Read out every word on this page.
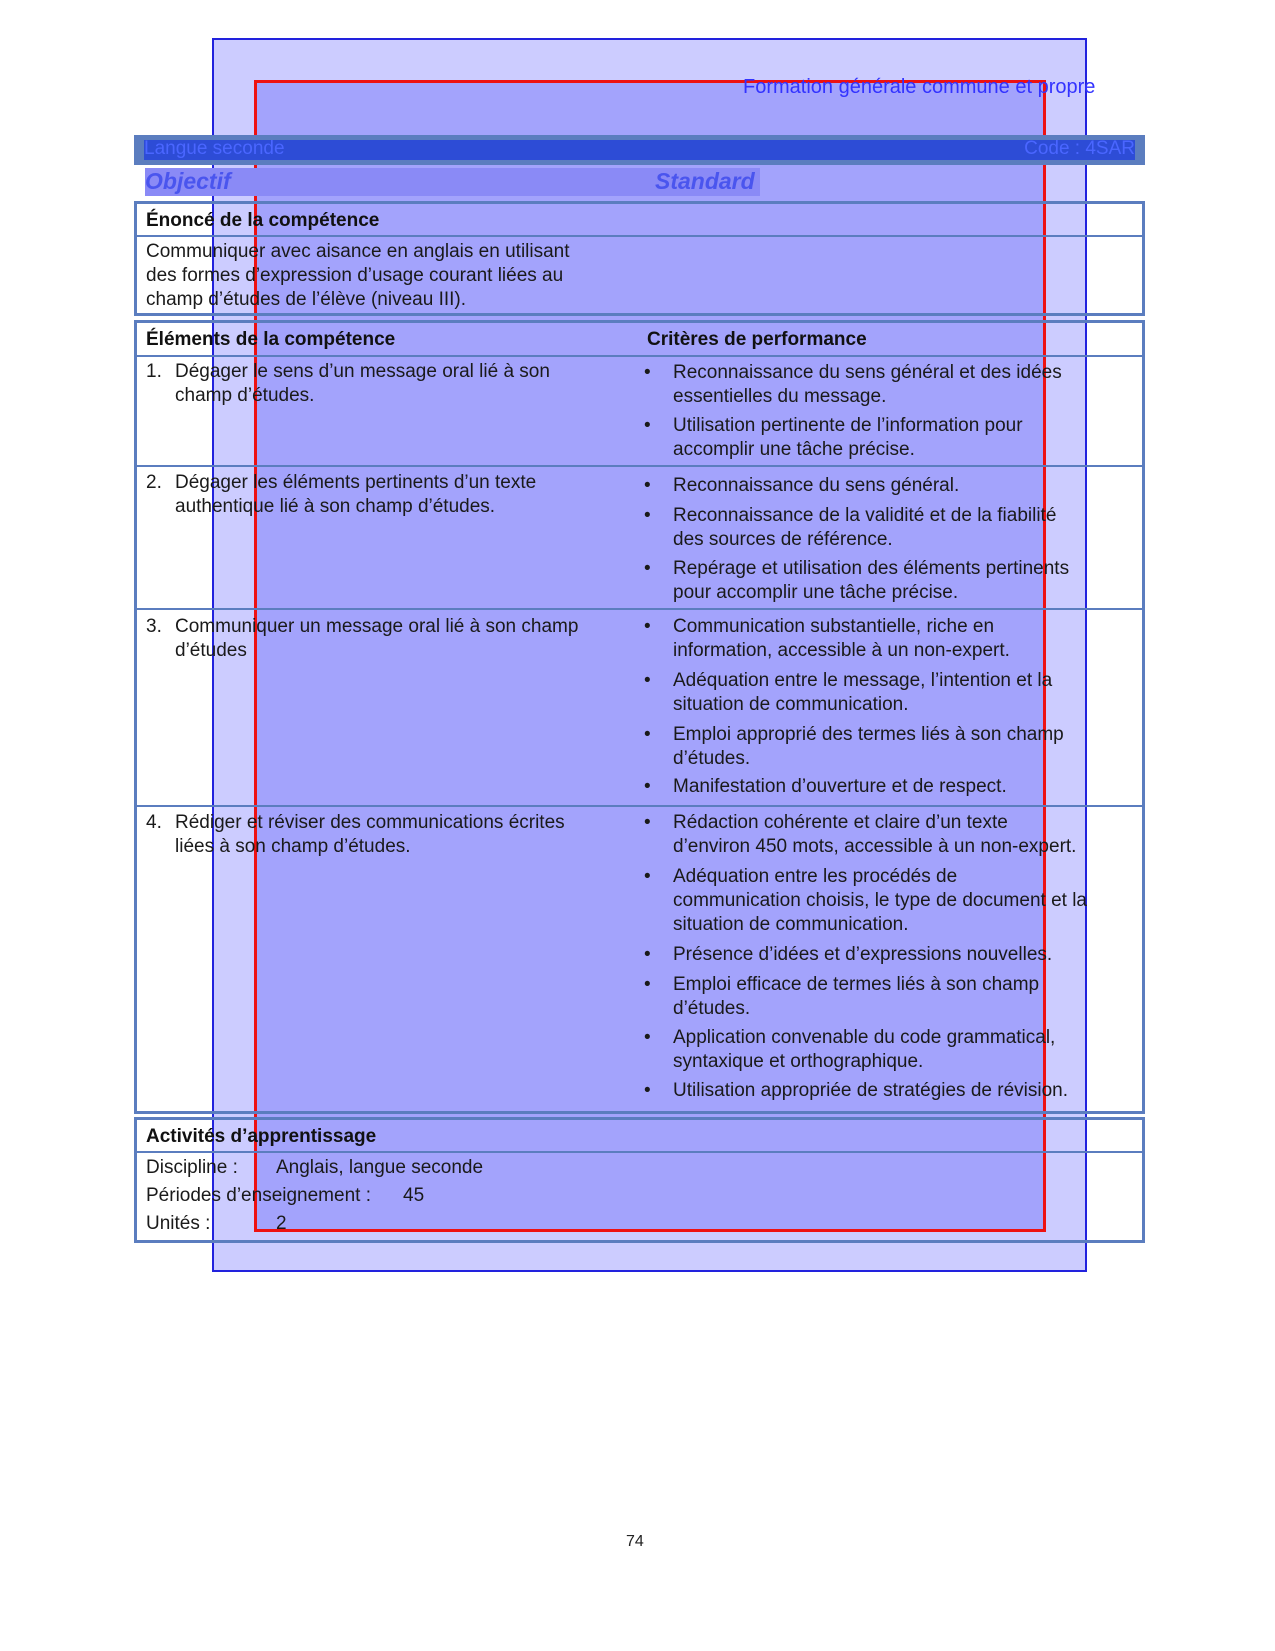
Formation générale commune et propre
Langue seconde	Code : 4SAR
Objectif	Standard
Énoncé de la compétence
Communiquer avec aisance en anglais en utilisant
des formes d’expression d’usage courant liées au
champ d’études de l’élève (niveau III).
Éléments de la compétence	Critères de performance
1. Dégager le sens d’un message oral lié à son
champ d’études.
• Reconnaissance du sens général et des idées
essentielles du message.
• Utilisation pertinente de l’information pour
accomplir une tâche précise.
2. Dégager les éléments pertinents d’un texte
authentique lié à son champ d’études.
• Reconnaissance du sens général.
• Reconnaissance de la validité et de la fiabilité
des sources de référence.
• Repérage et utilisation des éléments pertinents
pour accomplir une tâche précise.
3. Communiquer un message oral lié à son champ
d’études
• Communication substantielle, riche en
information, accessible à un non-expert.
• Adéquation entre le message, l’intention et la
situation de communication.
• Emploi approprié des termes liés à son champ
d’études.
• Manifestation d’ouverture et de respect.
4. Rédiger et réviser des communications écrites
liées à son champ d’études.
• Rédaction cohérente et claire d’un texte
d’environ 450 mots, accessible à un non-expert.
• Adéquation entre les procédés de
communication choisis, le type de document et la
situation de communication.
• Présence d’idées et d’expressions nouvelles.
• Emploi efficace de termes liés à son champ
d’études.
• Application convenable du code grammatical,
syntaxique et orthographique.
• Utilisation appropriée de stratégies de révision.
Activités d’apprentissage
Discipline : Anglais, langue seconde
Périodes d’enseignement : 45
Unités :	2
74
